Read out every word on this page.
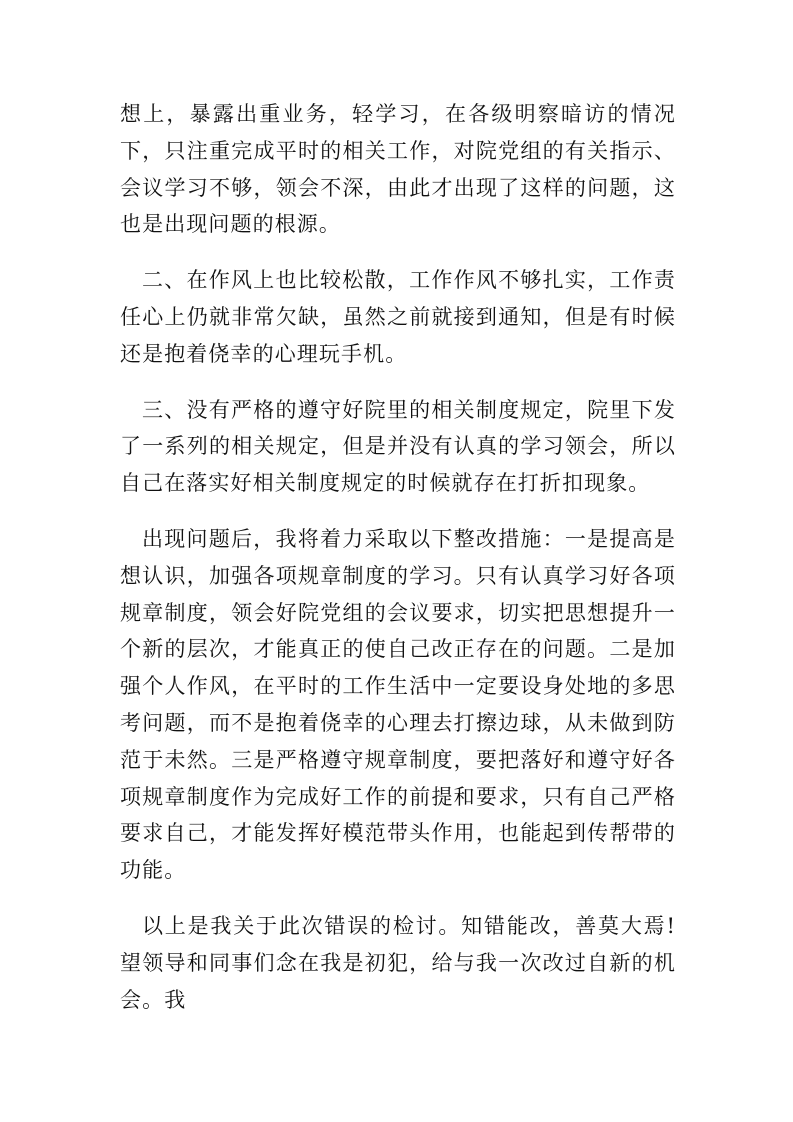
想上，暴露出重业务，轻学习，在各级明察暗访的情况下，只注重完成平时的相关工作，对院党组的有关指示、会议学习不够，领会不深，由此才出现了这样的问题，这也是出现问题的根源。

二、在作风上也比较松散，工作作风不够扎实，工作责任心上仍就非常欠缺，虽然之前就接到通知，但是有时候还是抱着侥幸的心理玩手机。

三、没有严格的遵守好院里的相关制度规定，院里下发了一系列的相关规定，但是并没有认真的学习领会，所以自己在落实好相关制度规定的时候就存在打折扣现象。

出现问题后，我将着力采取以下整改措施：一是提高是想认识，加强各项规章制度的学习。只有认真学习好各项规章制度，领会好院党组的会议要求，切实把思想提升一个新的层次，才能真正的使自己改正存在的问题。二是加强个人作风，在平时的工作生活中一定要设身处地的多思考问题，而不是抱着侥幸的心理去打擦边球，从未做到防范于未然。三是严格遵守规章制度，要把落好和遵守好各项规章制度作为完成好工作的前提和要求，只有自己严格要求自己，才能发挥好模范带头作用，也能起到传帮带的功能。

以上是我关于此次错误的检讨。知错能改，善莫大焉!望领导和同事们念在我是初犯，给与我一次改过自新的机会。我
